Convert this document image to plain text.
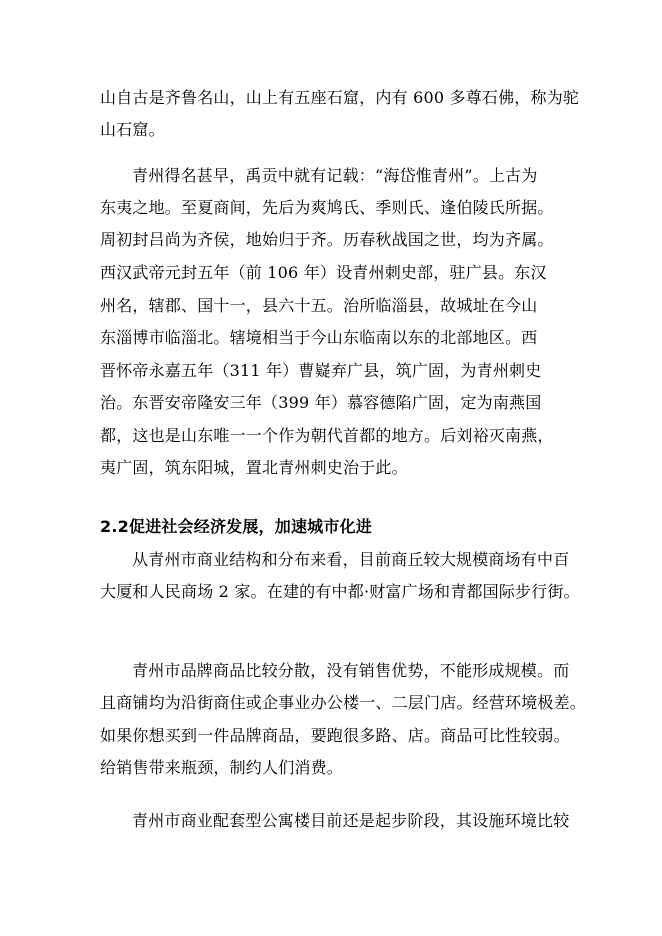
山自古是齐鲁名山，山上有五座石窟，内有 600 多尊石佛，称为驼
山石窟。
青州得名甚早，禹贡中就有记载：“海岱惟青州”。上古为
东夷之地。至夏商间，先后为爽鸠氏、季则氏、逢伯陵氏所据。
周初封吕尚为齐侯，地始归于齐。历春秋战国之世，均为齐属。
西汉武帝元封五年（前 106 年）设青州刺史部，驻广县。东汉
州名，辖郡、国十一，县六十五。治所临淄县，故城址在今山
东淄博市临淄北。辖境相当于今山东临南以东的北部地区。西
晋怀帝永嘉五年（311 年）曹嶷弃广县，筑广固，为青州刺史
治。东晋安帝隆安三年（399 年）慕容德陷广固，定为南燕国
都，这也是山东唯一一个作为朝代首都的地方。后刘裕灭南燕，
夷广固，筑东阳城，置北青州刺史治于此。
2.2促进社会经济发展，加速城市化进
从青州市商业结构和分布来看，目前商丘较大规模商场有中百
大厦和人民商场 2 家。在建的有中都·财富广场和青都国际步行街。
青州市品牌商品比较分散，没有销售优势，不能形成规模。而
且商铺均为沿街商住或企事业办公楼一、二层门店。经营环境极差。
如果你想买到一件品牌商品，要跑很多路、店。商品可比性较弱。
给销售带来瓶颈，制约人们消费。
青州市商业配套型公寓楼目前还是起步阶段，其设施环境比较
